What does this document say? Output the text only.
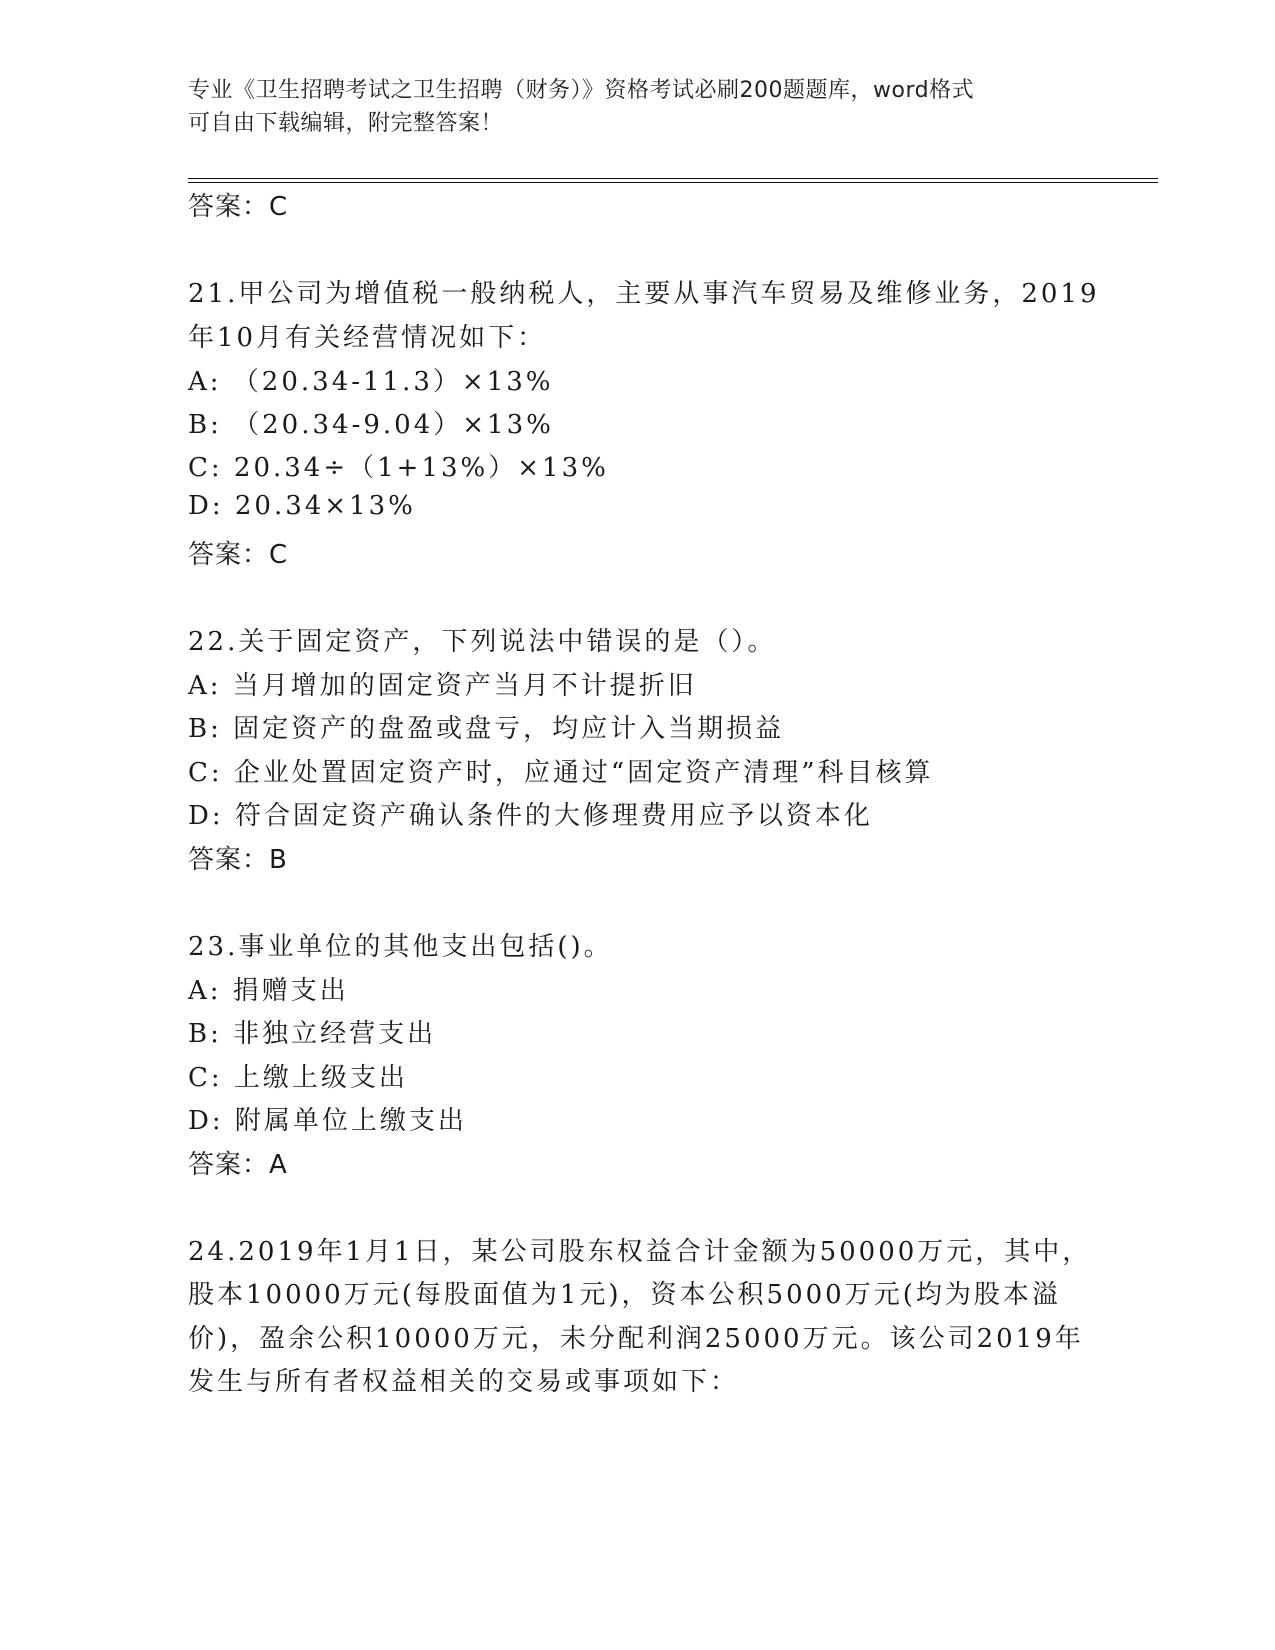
专业《卫生招聘考试之卫生招聘（财务）》资格考试必刷200题题库，word格式
可自由下载编辑，附完整答案！
答案：C
21.甲公司为增值税一般纳税人，主要从事汽车贸易及维修业务，2019
年10月有关经营情况如下：
A: （20.34-11.3）×13%
B: （20.34-9.04）×13%
C: 20.34÷（1+13%）×13%
D: 20.34×13%
答案：C
22.关于固定资产，下列说法中错误的是（）。
A: 当月增加的固定资产当月不计提折旧
B: 固定资产的盘盈或盘亏，均应计入当期损益
C: 企业处置固定资产时，应通过“固定资产清理”科目核算
D: 符合固定资产确认条件的大修理费用应予以资本化
答案：B
23.事业单位的其他支出包括()。
A: 捐赠支出
B: 非独立经营支出
C: 上缴上级支出
D: 附属单位上缴支出
答案：A
24.2019年1月1日，某公司股东权益合计金额为50000万元，其中，
股本10000万元(每股面值为1元)，资本公积5000万元(均为股本溢
价)，盈余公积10000万元，未分配利润25000万元。该公司2019年
发生与所有者权益相关的交易或事项如下：
